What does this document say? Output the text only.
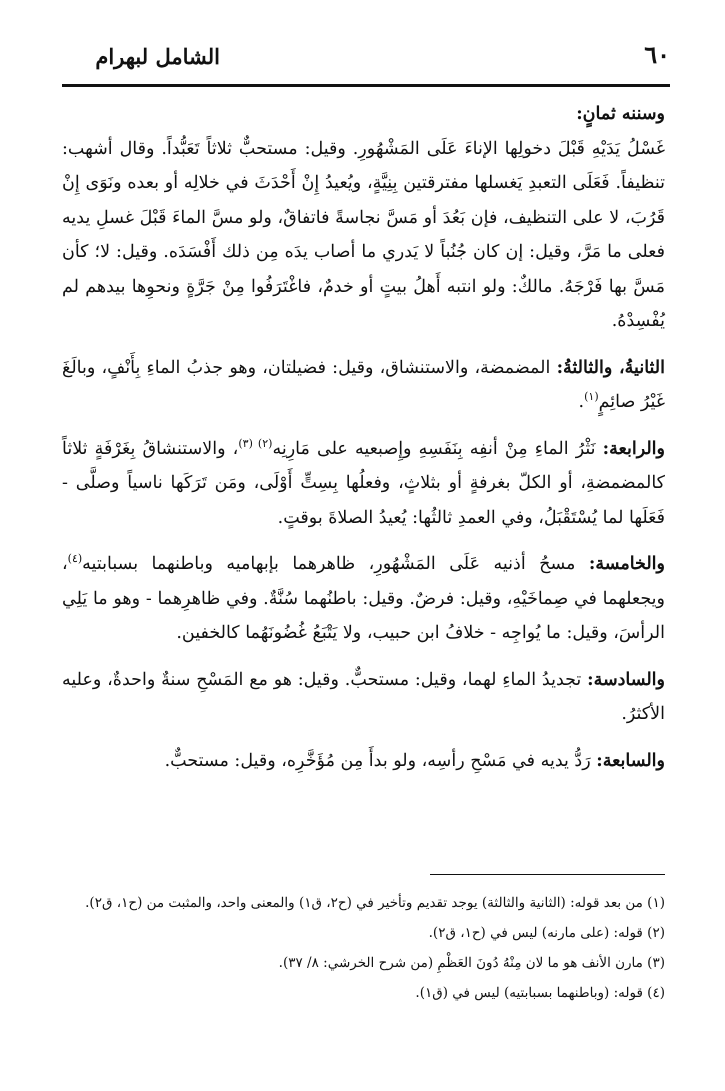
٦٠
الشامل لبهرام

وسننه ثمانٍ:

غَسْلُ يَدَيْهِ قَبْلَ دخولِها الإناءَ عَلَى المَشْهُورِ. وقيل: مستحبٌّ ثلاثاً تَعَبُّداً. وقال أشهب: تنظيفاً. فَعَلَى التعبدِ يَغسلها مفترقتين بِنِيَّةٍ، ويُعيدُ إِنْ أَحْدَثَ في خلالِه أو بعده ونَوَى إِنْ قَرُبَ، لا على التنظيف، فإن بَعُدَ أو مَسَّ نجاسةً فاتفاقٌ، ولو مسَّ الماءَ قَبْلَ غسلِ يديه فعلى ما مَرَّ، وقيل: إن كان جُنُباً لا يَدري ما أصاب يدَه مِن ذلك أَفْسَدَه. وقيل: لا؛ كأن مَسَّ بها فَرْجَهُ. مالكٌ: ولو انتبه أَهلُ بيتٍ أو خدمٌ، فاغْتَرَفُوا مِنْ جَرَّةٍ ونحوِها بيدهم لم يُفْسِدْهُ.

الثانيةُ، والثالثةُ: المضمضة، والاستنشاق، وقيل: فضيلتان، وهو جذبُ الماءِ بِأَنْفٍ، وبالَغَ غَيْرُ صائِمٍ$^{(١)}$.

والرابعة: نَثْرُ الماءِ مِنْ أنفِه بِنَفَسِهِ وإِصبعيه على مَارِنِه$^{(٢) (٣)}$، والاستنشاقُ بِغَرْفَةٍ ثلاثاً كالمضمضةِ، أو الكلّ بغرفةٍ أو بثلاثٍ، وفعلُها بِسِتٍّ أَوْلَى، ومَن تَرَكَها ناسياً وصلَّى - فَعَلَها لما يُسْتَقْبَلُ، وفي العمدِ ثالثُها: يُعيدُ الصلاةَ بوقتٍ.

والخامسة: مسحُ أذنيه عَلَى المَشْهُورِ، ظاهرهما بإبهاميه وباطنهما بسبابتيه$^{(٤)}$، ويجعلهما في صِماخَيْهِ، وقيل: فرضٌ. وقيل: باطنُهما سُنَّةٌ. وفي ظاهرِهما - وهو ما يَلِي الرأسَ، وقيل: ما يُواجِه - خلافُ ابن حبيب، ولا يَتْبَعُ غُضُونَهُما كالخفين.

والسادسة: تجديدُ الماءِ لهما، وقيل: مستحبٌّ. وقيل: هو مع المَسْحِ سنةٌ واحدةٌ، وعليه الأكثرُ.

والسابعة: رَدُّ يديه في مَسْحِ رأسِه، ولو بدأَ مِن مُؤَخَّرِه، وقيل: مستحبٌّ.

(١) من بعد قوله: (الثانية والثالثة) يوجد تقديم وتأخير في (ح٢، ق١) والمعنى واحد، والمثبت من (ح١، ق٢).

(٢) قوله: (على مارنه) ليس في (ح١، ق٢).

(٣) مارن الأنف هو ما لان مِنْهُ دُونَ العَظْمِ (من شرح الخرشي: ٨/ ٣٧).

(٤) قوله: (وباطنهما بسبابتيه) ليس في (ق١).
